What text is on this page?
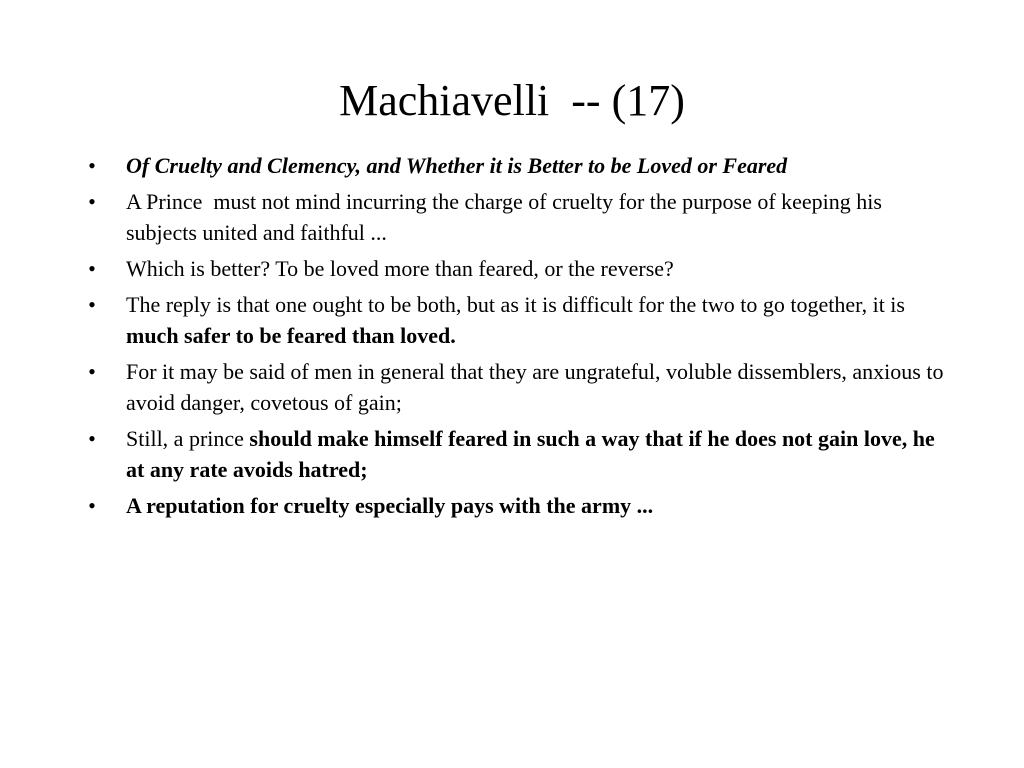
Machiavelli  -- (17)
• Of Cruelty and Clemency, and Whether it is Better to be Loved or Feared
• A Prince  must not mind incurring the charge of cruelty for the purpose of keeping his subjects united and faithful ...
• Which is better? To be loved more than feared, or the reverse?
• The reply is that one ought to be both, but as it is difficult for the two to go together, it is much safer to be feared than loved.
• For it may be said of men in general that they are ungrateful, voluble dissemblers, anxious to avoid danger, covetous of gain;
• Still, a prince should make himself feared in such a way that if he does not gain love, he at any rate avoids hatred;
• A reputation for cruelty especially pays with the army ...
